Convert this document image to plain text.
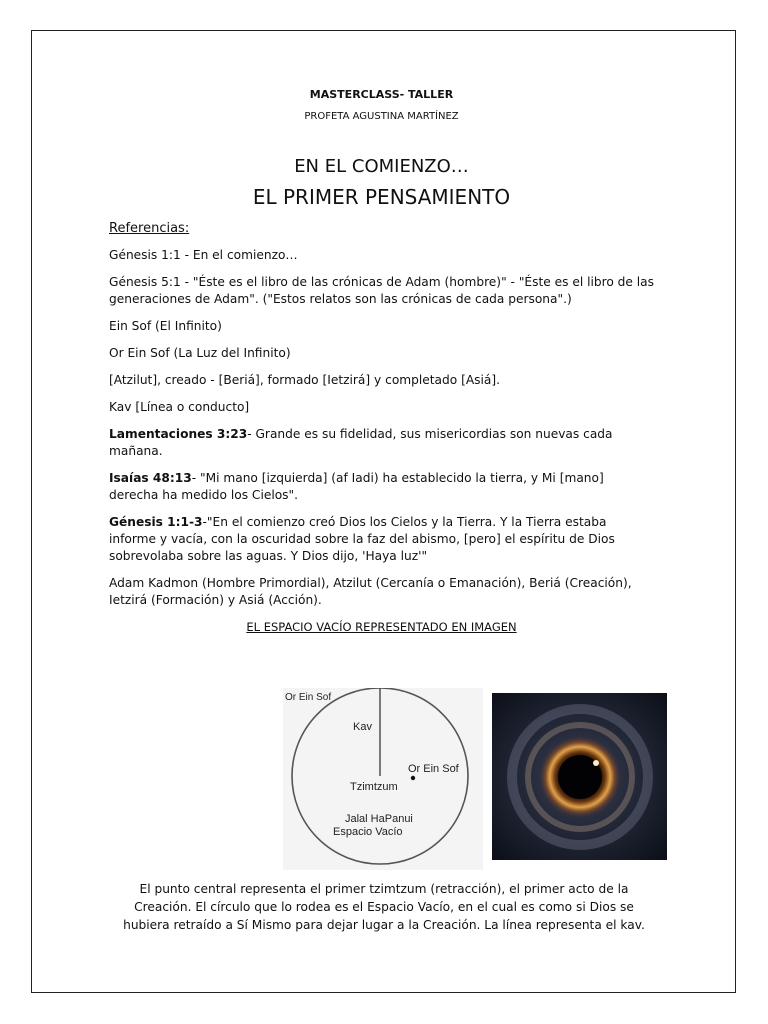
MASTERCLASS- TALLER
PROFETA AGUSTINA MARTÍNEZ
EN EL COMIENZO…
EL PRIMER PENSAMIENTO
Referencias:

Génesis 1:1 - En el comienzo…

Génesis 5:1 - "Éste es el libro de las crónicas de Adam (hombre)" - "Éste es el libro de las generaciones de Adam". ("Estos relatos son las crónicas de cada persona".)

Ein Sof (El Infinito)

Or Ein Sof (La Luz del Infinito)

[Atzilut], creado - [Beriá], formado [Ietzirá] y completado [Asiá].

Kav [Línea o conducto]

Lamentaciones 3:23- Grande es su fidelidad, sus misericordias son nuevas cada mañana.

Isaías 48:13- "Mi mano [izquierda] (af Iadi) ha establecido la tierra, y Mi [mano] derecha ha medido los Cielos".

Génesis 1:1-3-"En el comienzo creó Dios los Cielos y la Tierra. Y la Tierra estaba informe y vacía, con la oscuridad sobre la faz del abismo, [pero] el espíritu de Dios sobrevolaba sobre las aguas. Y Dios dijo, 'Haya luz'"

Adam Kadmon (Hombre Primordial), Atzilut (Cercanía o Emanación), Beriá (Creación), Ietzirá (Formación) y Asiá (Acción).

EL ESPACIO VACÍO REPRESENTADO EN IMAGEN
Or Ein Sof
Kav
Or Ein Sof
Tzimtzum
Jalal HaPanui
Espacio Vacío
El punto central representa el primer tzimtzum (retracción), el primer acto de la Creación. El círculo que lo rodea es el Espacio Vacío, en el cual es como si Dios se hubiera retraído a Sí Mismo para dejar lugar a la Creación. La línea representa el kav.
